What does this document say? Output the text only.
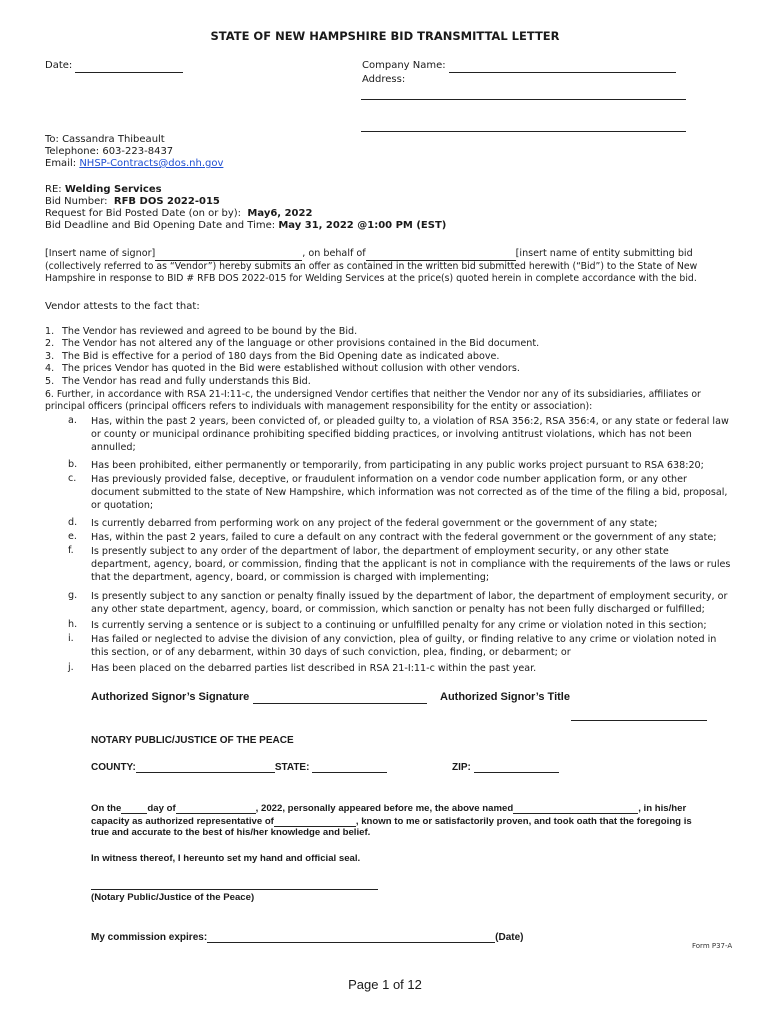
STATE OF NEW HAMPSHIRE BID TRANSMITTAL LETTER
Date:	Company Name:
Address:
To: Cassandra Thibeault
Telephone: 603-223-8437
Email: NHSP-Contracts@dos.nh.gov
RE: Welding Services
Bid Number: RFB DOS 2022-015
Request for Bid Posted Date (on or by): May6, 2022
Bid Deadline and Bid Opening Date and Time: May 31, 2022 @1:00 PM (EST)
[Insert name of signor]	, on behalf of	[insert name of entity submitting bid
(collectively referred to as “Vendor”) hereby submits an offer as contained in the written bid submitted herewith (“Bid”) to the State of New
Hampshire in response to BID # RFB DOS 2022-015 for Welding Services at the price(s) quoted herein in complete accordance with the bid.
Vendor attests to the fact that:
1. The Vendor has reviewed and agreed to be bound by the Bid.
2. The Vendor has not altered any of the language or other provisions contained in the Bid document.
3. The Bid is effective for a period of 180 days from the Bid Opening date as indicated above.
4. The prices Vendor has quoted in the Bid were established without collusion with other vendors.
5. The Vendor has read and fully understands this Bid.
6. Further, in accordance with RSA 21-I:11-c, the undersigned Vendor certifies that neither the Vendor nor any of its subsidiaries, affiliates or
principal officers (principal officers refers to individuals with management responsibility for the entity or association):
a. Has, within the past 2 years, been convicted of, or pleaded guilty to, a violation of RSA 356:2, RSA 356:4, or any state or federal law or county or municipal ordinance prohibiting specified bidding practices, or involving antitrust violations, which has not been annulled;
b. Has been prohibited, either permanently or temporarily, from participating in any public works project pursuant to RSA 638:20;
c. Has previously provided false, deceptive, or fraudulent information on a vendor code number application form, or any other document submitted to the state of New Hampshire, which information was not corrected as of the time of the filing a bid, proposal, or quotation;
d. Is currently debarred from performing work on any project of the federal government or the government of any state;
e. Has, within the past 2 years, failed to cure a default on any contract with the federal government or the government of any state;
f. Is presently subject to any order of the department of labor, the department of employment security, or any other state department, agency, board, or commission, finding that the applicant is not in compliance with the requirements of the laws or rules that the department, agency, board, or commission is charged with implementing;
g. Is presently subject to any sanction or penalty finally issued by the department of labor, the department of employment security, or any other state department, agency, board, or commission, which sanction or penalty has not been fully discharged or fulfilled;
h. Is currently serving a sentence or is subject to a continuing or unfulfilled penalty for any crime or violation noted in this section;
i. Has failed or neglected to advise the division of any conviction, plea of guilty, or finding relative to any crime or violation noted in this section, or of any debarment, within 30 days of such conviction, plea, finding, or debarment; or
j. Has been placed on the debarred parties list described in RSA 21-I:11-c within the past year.
Authorized Signor’s Signature	Authorized Signor’s Title
NOTARY PUBLIC/JUSTICE OF THE PEACE
COUNTY:	STATE:	ZIP:
On the	day of	, 2022, personally appeared before me, the above named	, in his/her
capacity as authorized representative of	, known to me or satisfactorily proven, and took oath that the foregoing is
true and accurate to the best of his/her knowledge and belief.
In witness thereof, I hereunto set my hand and official seal.
(Notary Public/Justice of the Peace)
My commission expires:	(Date)
Form P37-A
Page 1 of 12
